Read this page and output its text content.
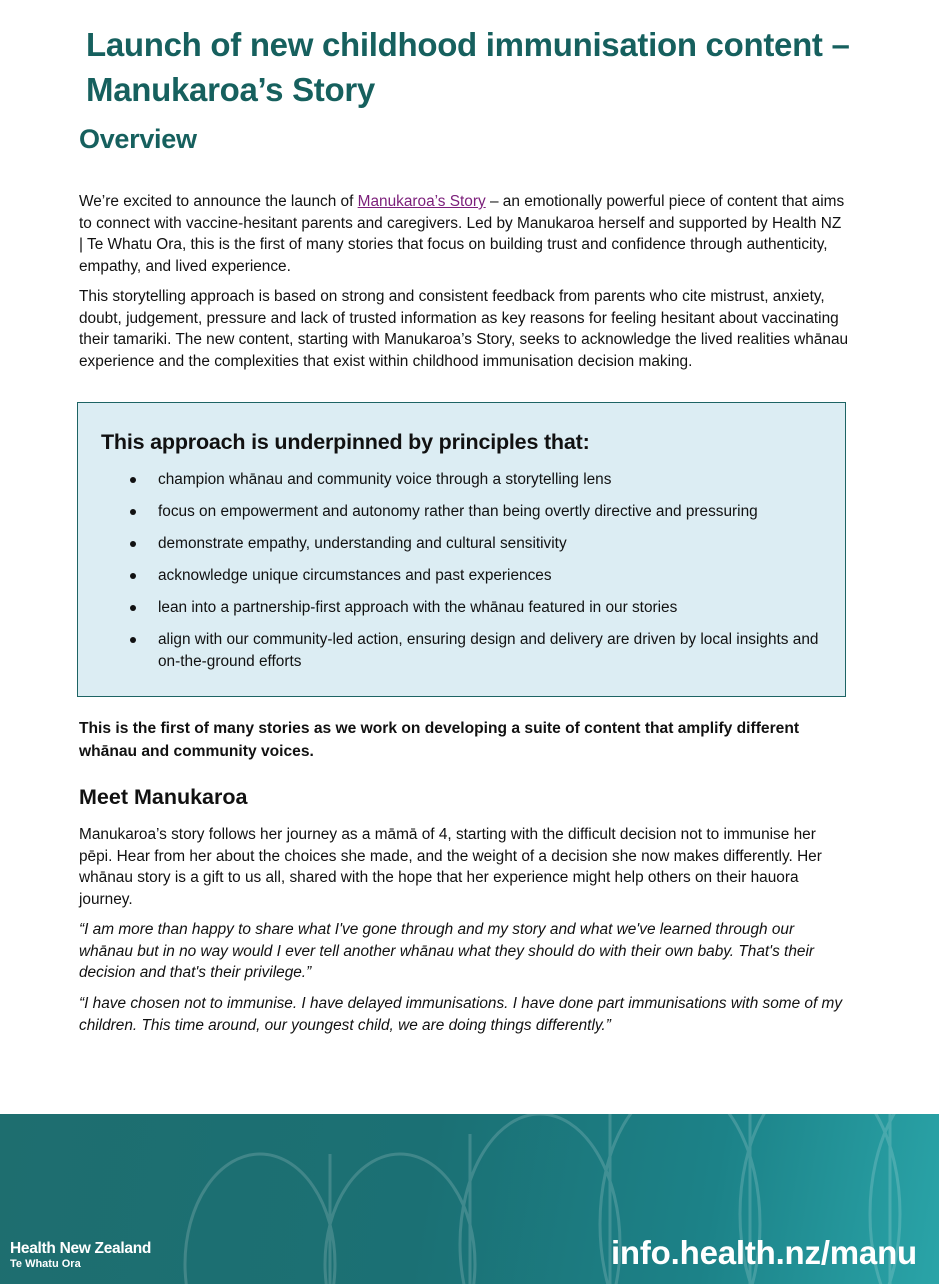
Launch of new childhood immunisation content – Manukaroa’s Story
Overview

We’re excited to announce the launch of Manukaroa’s Story – an emotionally powerful piece of content that aims to connect with vaccine-hesitant parents and caregivers. Led by Manukaroa herself and supported by Health NZ | Te Whatu Ora, this is the first of many stories that focus on building trust and confidence through authenticity, empathy, and lived experience.

This storytelling approach is based on strong and consistent feedback from parents who cite mistrust, anxiety, doubt, judgement, pressure and lack of trusted information as key reasons for feeling hesitant about vaccinating their tamariki. The new content, starting with Manukaroa’s Story, seeks to acknowledge the lived realities whānau experience and the complexities that exist within childhood immunisation decision making.

This approach is underpinned by principles that:
champion whānau and community voice through a storytelling lens
focus on empowerment and autonomy rather than being overtly directive and pressuring
demonstrate empathy, understanding and cultural sensitivity
acknowledge unique circumstances and past experiences
lean into a partnership-first approach with the whānau featured in our stories
align with our community-led action, ensuring design and delivery are driven by local insights and on-the-ground efforts

This is the first of many stories as we work on developing a suite of content that amplify different whānau and community voices.

Meet Manukaroa

Manukaroa’s story follows her journey as a māmā of 4, starting with the difficult decision not to immunise her pēpi. Hear from her about the choices she made, and the weight of a decision she now makes differently. Her whānau story is a gift to us all, shared with the hope that her experience might help others on their hauora journey.

“I am more than happy to share what I've gone through and my story and what we've learned through our whānau but in no way would I ever tell another whānau what they should do with their own baby. That's their decision and that's their privilege.”

“I have chosen not to immunise. I have delayed immunisations. I have done part immunisations with some of my children. This time around, our youngest child, we are doing things differently.”

Health New Zealand
Te Whatu Ora	info.health.nz/manu
